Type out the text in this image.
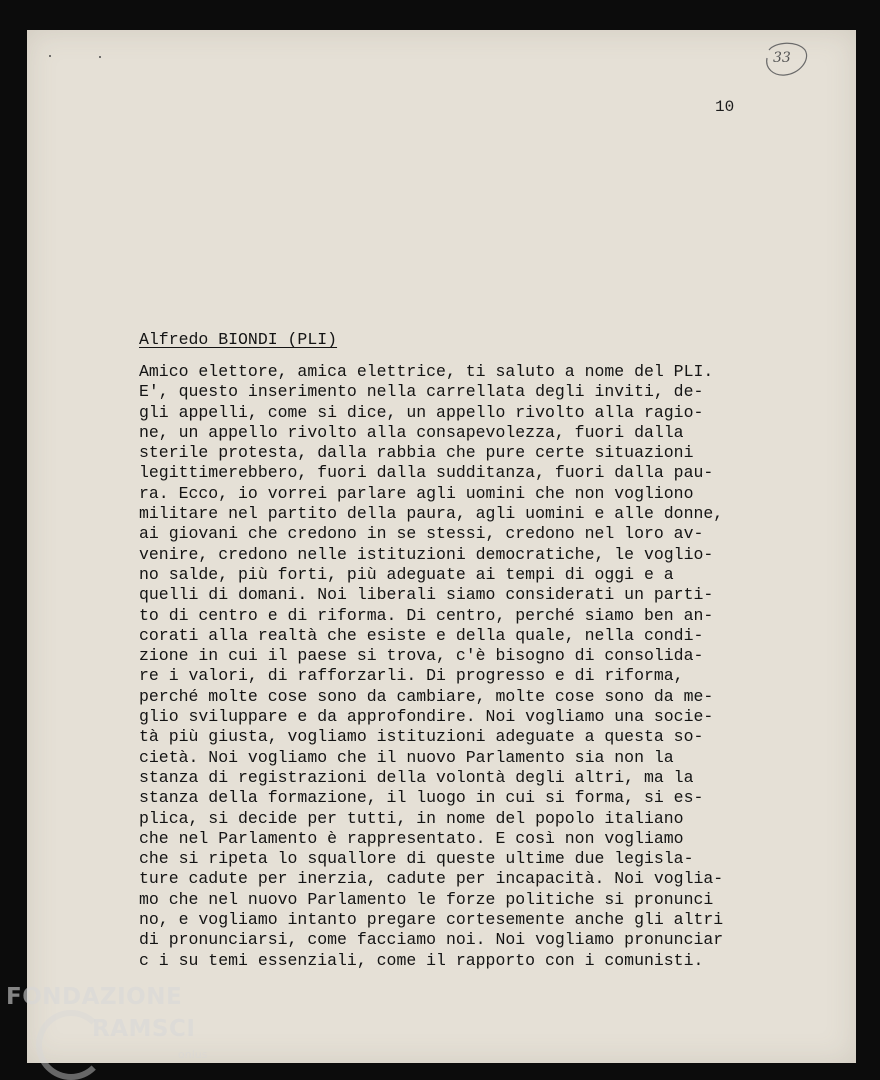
33
10
Alfredo BIONDI (PLI)
Amico elettore, amica elettrice, ti saluto a nome del PLI.
E', questo inserimento nella carrellata degli inviti, de-
gli appelli, come si dice, un appello rivolto alla ragio-
ne, un appello rivolto alla consapevolezza, fuori dalla
sterile protesta, dalla rabbia che pure certe situazioni
legittimerebbero, fuori dalla sudditanza, fuori dalla pau-
ra. Ecco, io vorrei parlare agli uomini che non vogliono
militare nel partito della paura, agli uomini e alle donne,
ai giovani che credono in se stessi, credono nel loro av-
venire, credono nelle istituzioni democratiche, le voglio-
no salde, più forti, più adeguate ai tempi di oggi e a
quelli di domani. Noi liberali siamo considerati un parti-
to di centro e di riforma. Di centro, perché siamo ben an-
corati alla realtà che esiste e della quale, nella condi-
zione in cui il paese si trova, c'è bisogno di consolida-
re i valori, di rafforzarli. Di progresso e di riforma,
perché molte cose sono da cambiare, molte cose sono da me-
glio sviluppare e da approfondire. Noi vogliamo una socie-
tà più giusta, vogliamo istituzioni adeguate a questa so-
cietà. Noi vogliamo che il nuovo Parlamento sia non la
stanza di registrazioni della volontà degli altri, ma la
stanza della formazione, il luogo in cui si forma, si es-
plica, si decide per tutti, in nome del popolo italiano
che nel Parlamento è rappresentato. E così non vogliamo
che si ripeta lo squallore di queste ultime due legisla-
ture cadute per inerzia, cadute per incapacità. Noi voglia-
mo che nel nuovo Parlamento le forze politiche si pronunci
no, e vogliamo intanto pregare cortesemente anche gli altri
di pronunciarsi, come facciamo noi. Noi vogliamo pronunciar
c i su temi essenziali, come il rapporto con i comunisti.
FONDAZIONE
RAMSCI
onlus
